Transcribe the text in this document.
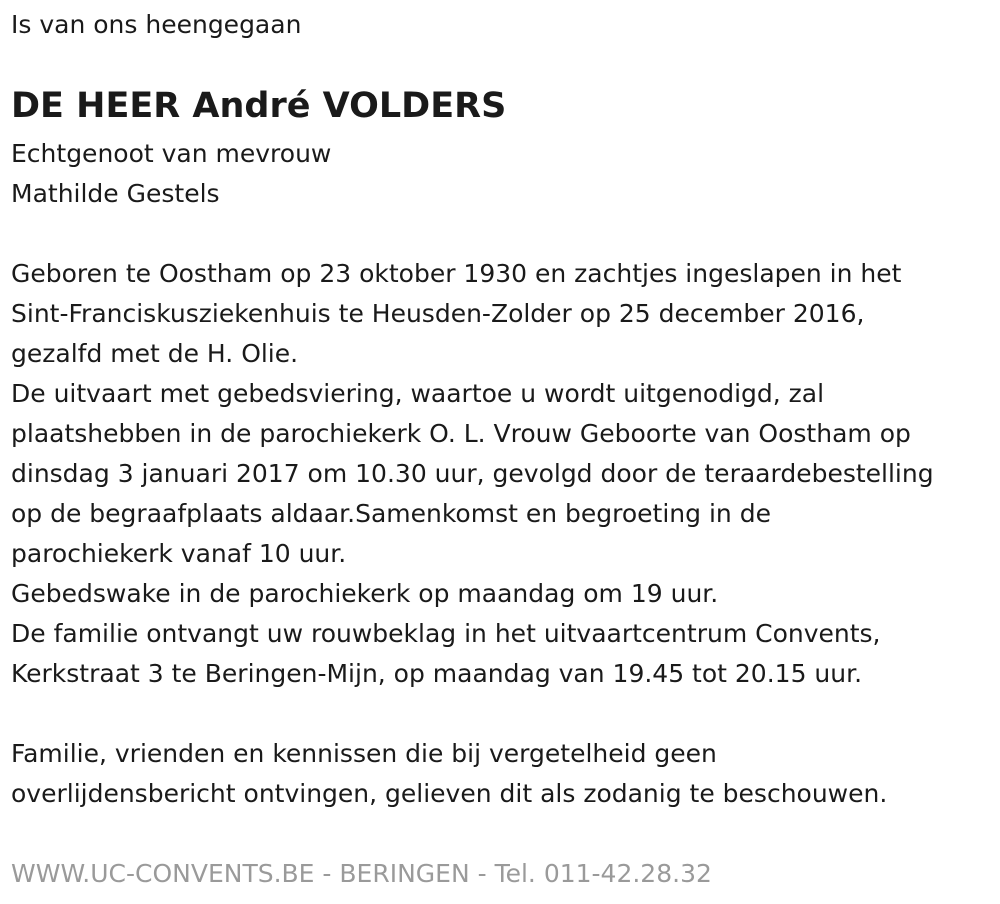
Is van ons heengegaan
DE HEER André VOLDERS
Echtgenoot van mevrouw
Mathilde Gestels
Geboren te Oostham op 23 oktober 1930 en zachtjes ingeslapen in het
Sint-Franciskusziekenhuis te Heusden-Zolder op 25 december 2016,
gezalfd met de H. Olie.
De uitvaart met gebedsviering, waartoe u wordt uitgenodigd, zal
plaatshebben in de parochiekerk O. L. Vrouw Geboorte van Oostham op
dinsdag 3 januari 2017 om 10.30 uur, gevolgd door de teraardebestelling
op de begraafplaats aldaar.Samenkomst en begroeting in de
parochiekerk vanaf 10 uur.
Gebedswake in de parochiekerk op maandag om 19 uur.
De familie ontvangt uw rouwbeklag in het uitvaartcentrum Convents,
Kerkstraat 3 te Beringen-Mijn, op maandag van 19.45 tot 20.15 uur.
Familie, vrienden en kennissen die bij vergetelheid geen
overlijdensbericht ontvingen, gelieven dit als zodanig te beschouwen.
WWW.UC-CONVENTS.BE - BERINGEN - Tel. 011-42.28.32
